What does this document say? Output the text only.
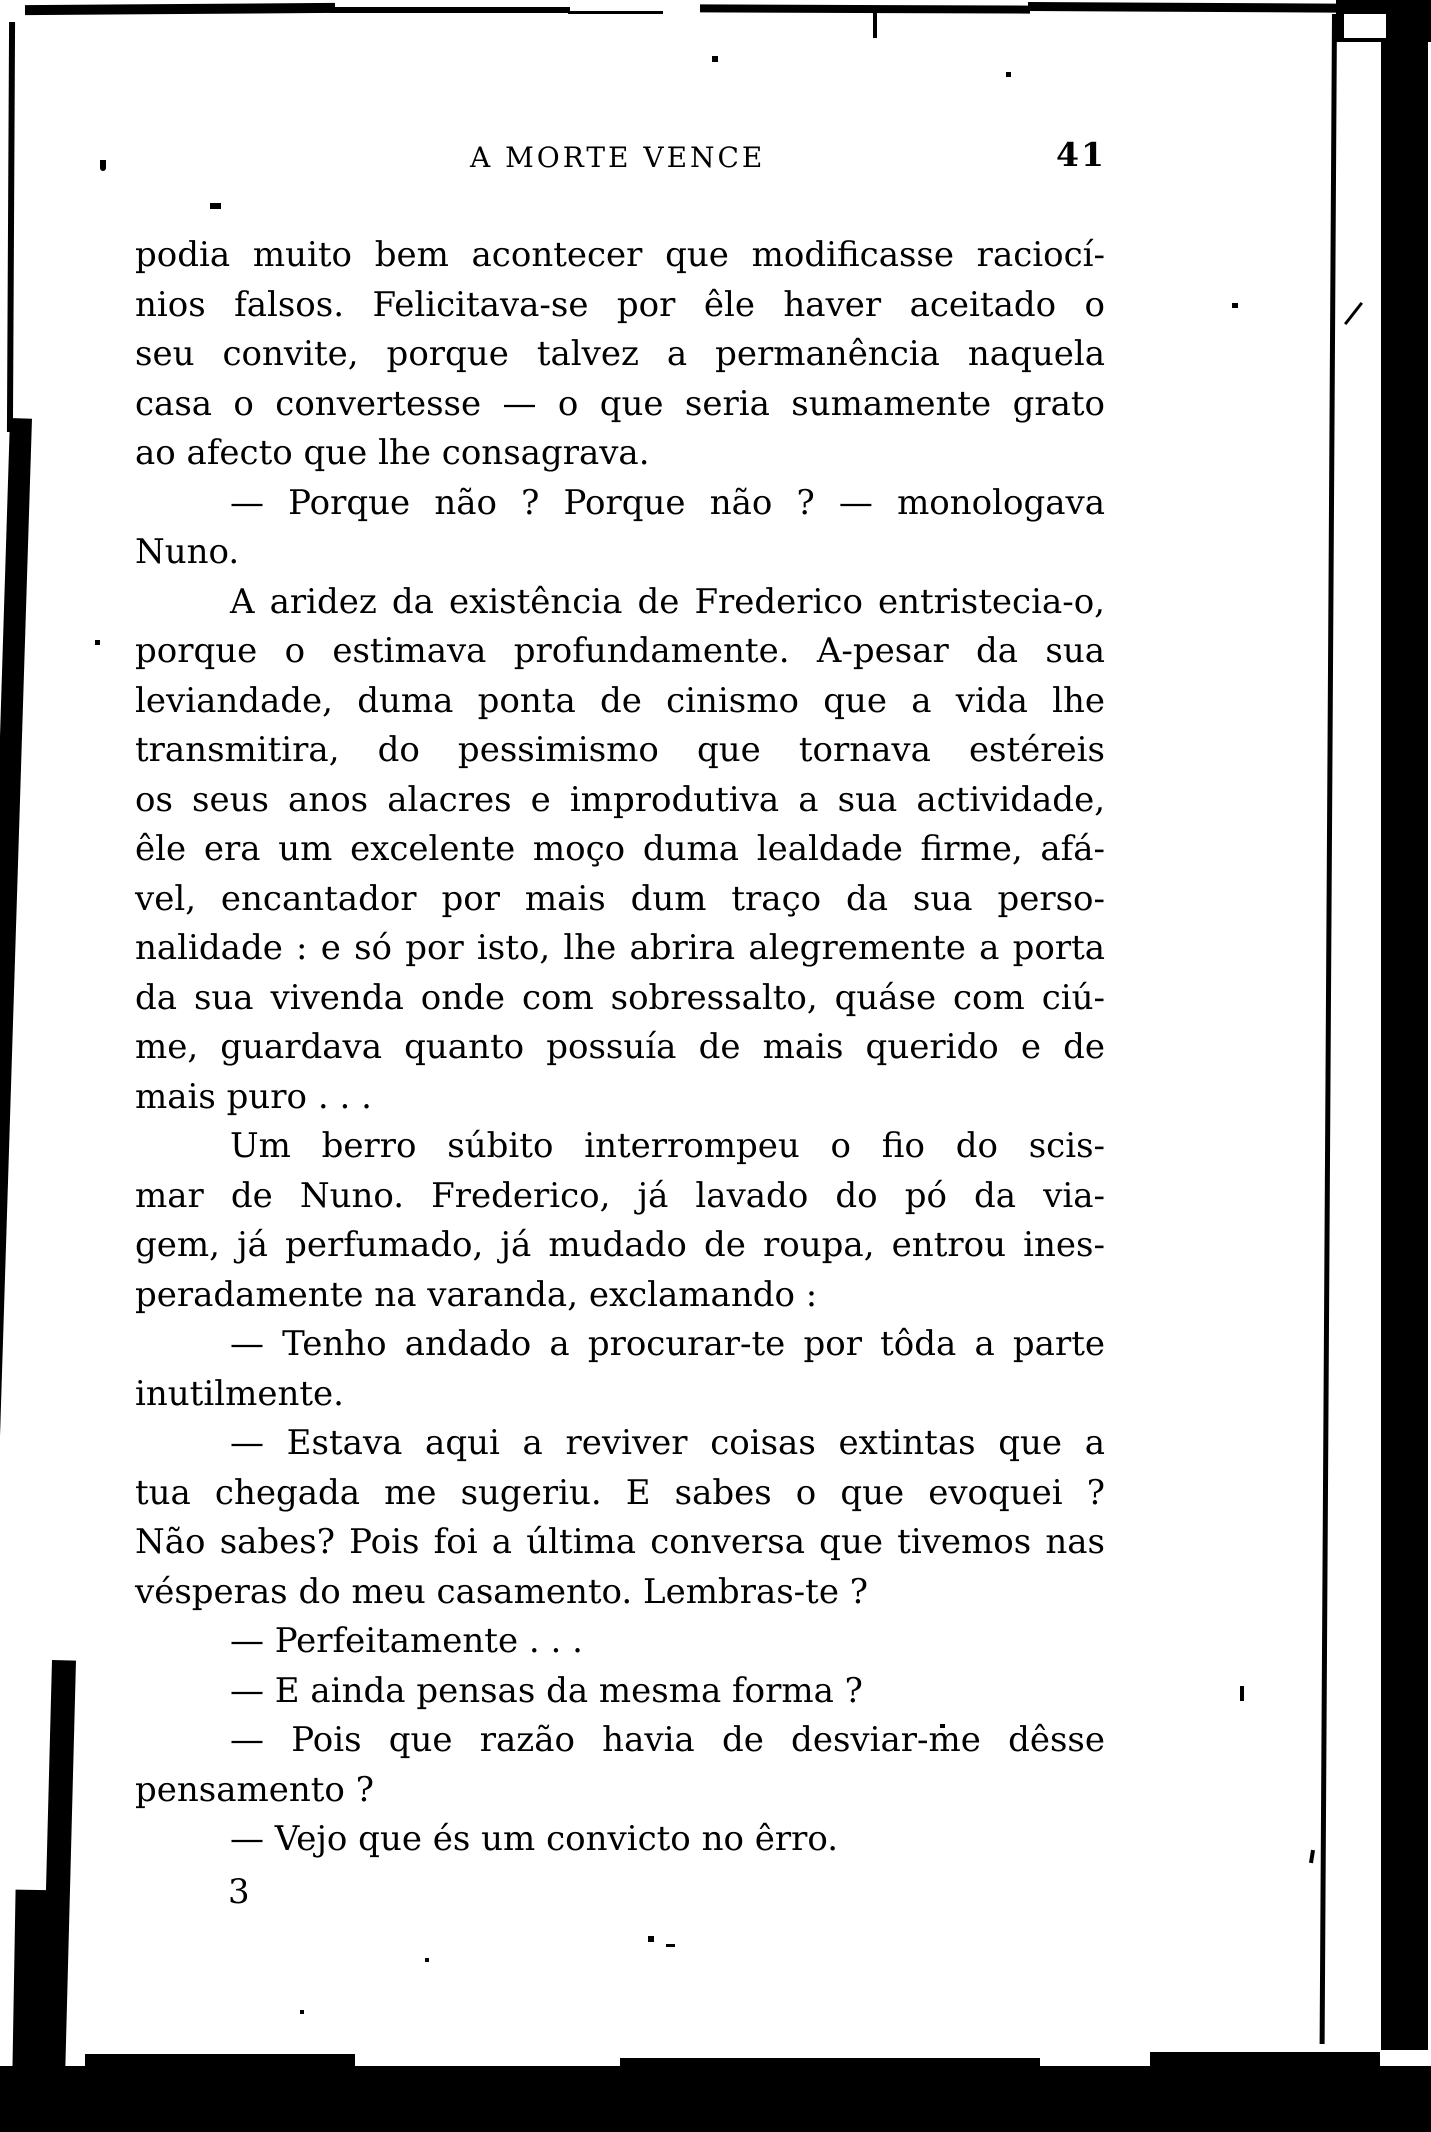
A MORTE VENCE	41
podia muito bem acontecer que modificasse raciocí-
nios falsos. Felicitava-se por êle haver aceitado o
seu convite, porque talvez a permanência naquela
casa o convertesse — o que seria sumamente grato
ao afecto que lhe consagrava.
— Porque não ? Porque não ? — monologava
Nuno.
A aridez da existência de Frederico entristecia-o,
porque o estimava profundamente. A-pesar da sua
leviandade, duma ponta de cinismo que a vida lhe
transmitira, do pessimismo que tornava estéreis
os seus anos alacres e improdutiva a sua actividade,
êle era um excelente moço duma lealdade firme, afá-
vel, encantador por mais dum traço da sua perso-
nalidade : e só por isto, lhe abrira alegremente a porta
da sua vivenda onde com sobressalto, quáse com ciú-
me, guardava quanto possuía de mais querido e de
mais puro . . .
Um berro súbito interrompeu o fio do scis-
mar de Nuno. Frederico, já lavado do pó da via-
gem, já perfumado, já mudado de roupa, entrou ines-
peradamente na varanda, exclamando :
— Tenho andado a procurar-te por tôda a parte
inutilmente.
— Estava aqui a reviver coisas extintas que a
tua chegada me sugeriu. E sabes o que evoquei ?
Não sabes? Pois foi a última conversa que tivemos nas
vésperas do meu casamento. Lembras-te ?
— Perfeitamente . . .
— E ainda pensas da mesma forma ?
— Pois que razão havia de desviar-me dêsse
pensamento ?
— Vejo que és um convicto no êrro.
3
